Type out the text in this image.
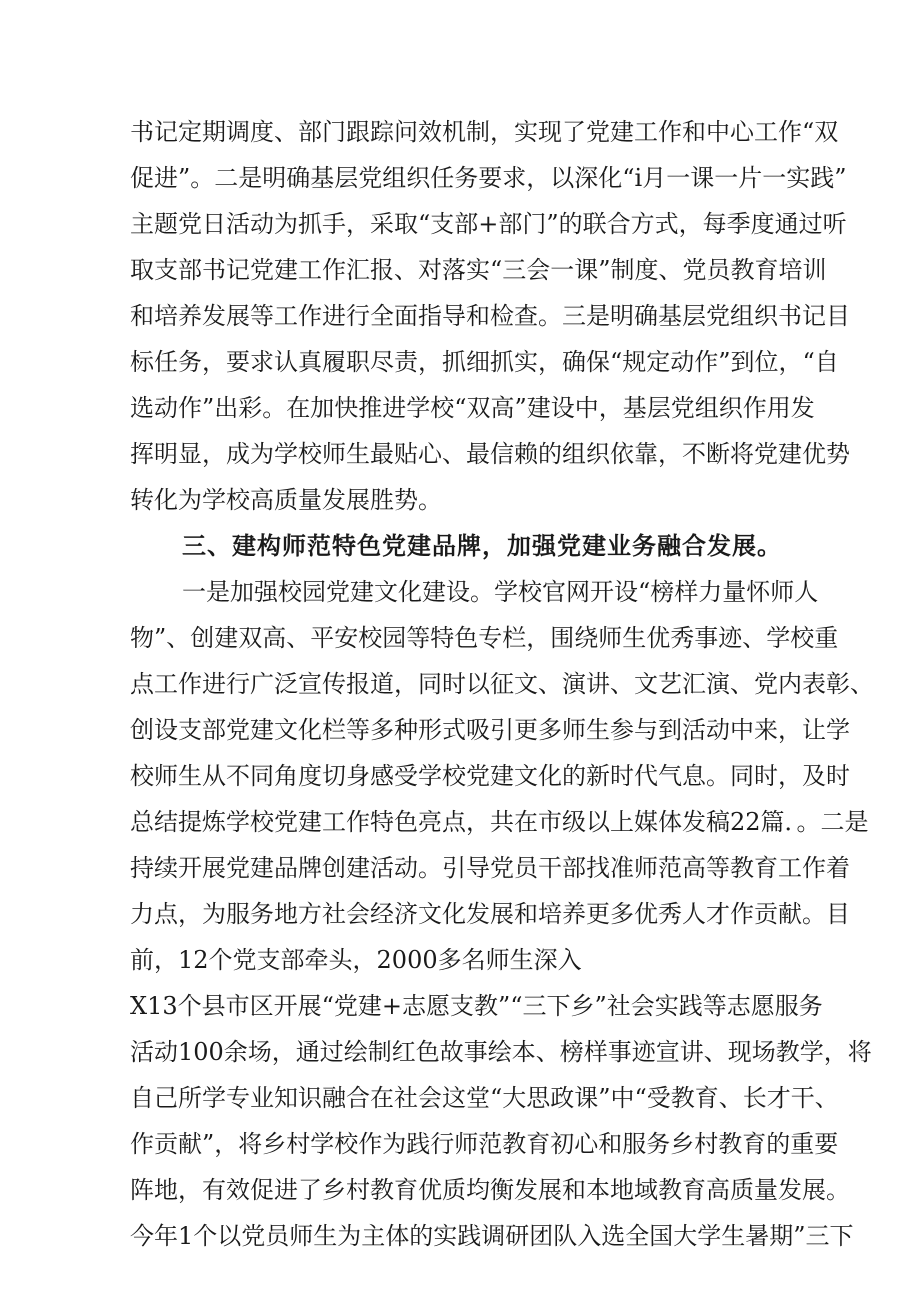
书记定期调度、部门跟踪问效机制，实现了党建工作和中心工作“双
促进”。二是明确基层党组织任务要求，以深化“i月一课一片一实践”
主题党日活动为抓手，采取“支部+部门”的联合方式，每季度通过听
取支部书记党建工作汇报、对落实“三会一课”制度、党员教育培训
和培养发展等工作进行全面指导和检查。三是明确基层党组织书记目
标任务，要求认真履职尽责，抓细抓实，确保“规定动作”到位，“自
选动作”出彩。在加快推进学校“双高”建设中，基层党组织作用发
挥明显，成为学校师生最贴心、最信赖的组织依靠，不断将党建优势
转化为学校高质量发展胜势。
三、建构师范特色党建品牌，加强党建业务融合发展。
一是加强校园党建文化建设。学校官网开设“榜样力量怀师人
物”、创建双高、平安校园等特色专栏，围绕师生优秀事迹、学校重
点工作进行广泛宣传报道，同时以征文、演讲、文艺汇演、党内表彰、
创设支部党建文化栏等多种形式吸引更多师生参与到活动中来，让学
校师生从不同角度切身感受学校党建文化的新时代气息。同时，及时
总结提炼学校党建工作特色亮点，共在市级以上媒体发稿22篇．。二是
持续开展党建品牌创建活动。引导党员干部找准师范高等教育工作着
力点，为服务地方社会经济文化发展和培养更多优秀人才作贡献。目
前，12个党支部牵头，2000多名师生深入
X13个县市区开展“党建+志愿支教”“三下乡”社会实践等志愿服务
活动100余场，通过绘制红色故事绘本、榜样事迹宣讲、现场教学，将
自己所学专业知识融合在社会这堂“大思政课”中“受教育、长才干、
作贡献”，将乡村学校作为践行师范教育初心和服务乡村教育的重要
阵地，有效促进了乡村教育优质均衡发展和本地域教育高质量发展。
今年1个以党员师生为主体的实践调研团队入选全国大学生暑期”三下
